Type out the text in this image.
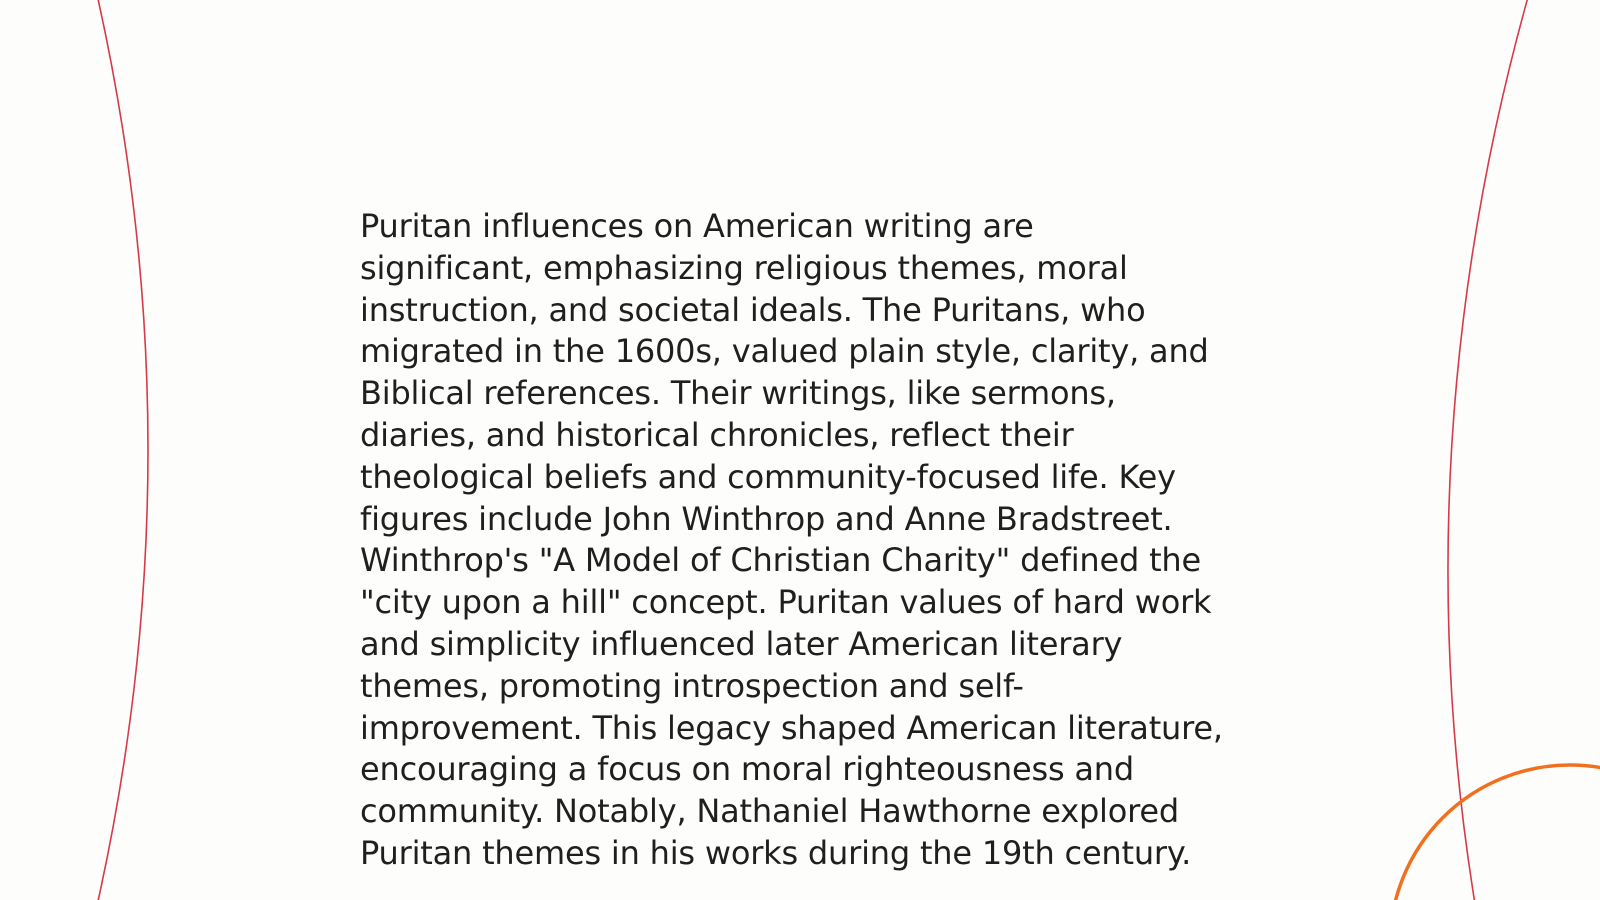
Puritan influences on American writing are
significant, emphasizing religious themes, moral
instruction, and societal ideals. The Puritans, who
migrated in the 1600s, valued plain style, clarity, and
Biblical references. Their writings, like sermons,
diaries, and historical chronicles, reflect their
theological beliefs and community-focused life. Key
figures include John Winthrop and Anne Bradstreet.
Winthrop's "A Model of Christian Charity" defined the
"city upon a hill" concept. Puritan values of hard work
and simplicity influenced later American literary
themes, promoting introspection and self-
improvement. This legacy shaped American literature,
encouraging a focus on moral righteousness and
community. Notably, Nathaniel Hawthorne explored
Puritan themes in his works during the 19th century.
